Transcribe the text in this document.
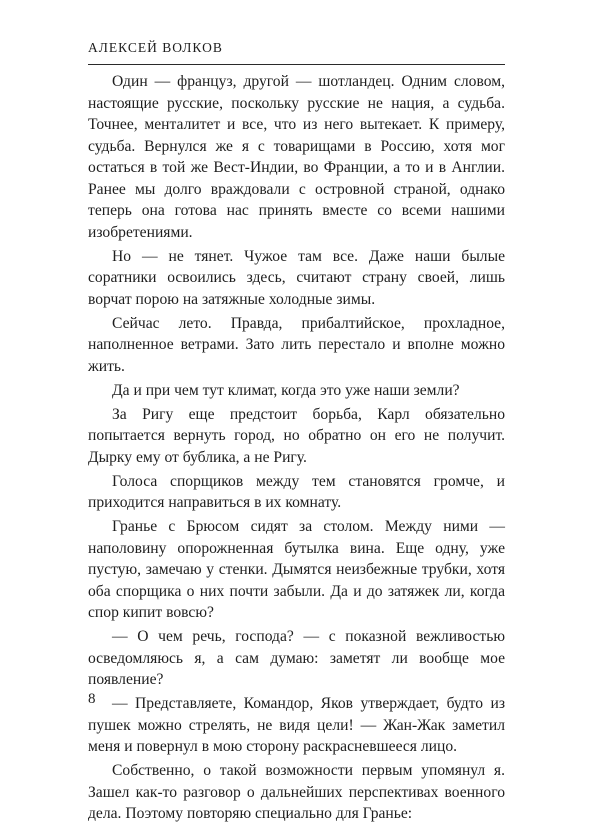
АЛЕКСЕЙ ВОЛКОВ

Один — француз, другой — шотландец. Одним словом, настоящие русские, поскольку русские не нация, а судьба. Точнее, менталитет и все, что из него вытекает. К примеру, судьба. Вернулся же я с товарищами в Россию, хотя мог остаться в той же Вест-Индии, во Франции, а то и в Англии. Ранее мы долго враждовали с островной страной, однако теперь она готова нас принять вместе со всеми нашими изобретениями.

Но — не тянет. Чужое там все. Даже наши былые соратники освоились здесь, считают страну своей, лишь ворчат порою на затяжные холодные зимы.

Сейчас лето. Правда, прибалтийское, прохладное, наполненное ветрами. Зато лить перестало и вполне можно жить.

Да и при чем тут климат, когда это уже наши земли?

За Ригу еще предстоит борьба, Карл обязательно попытается вернуть город, но обратно он его не получит. Дырку ему от бублика, а не Ригу.

Голоса спорщиков между тем становятся громче, и приходится направиться в их комнату.

Гранье с Брюсом сидят за столом. Между ними — наполовину опорожненная бутылка вина. Еще одну, уже пустую, замечаю у стенки. Дымятся неизбежные трубки, хотя оба спорщика о них почти забыли. Да и до затяжек ли, когда спор кипит вовсю?

— О чем речь, господа? — с показной вежливостью осведомляюсь я, а сам думаю: заметят ли вообще мое появление?

— Представляете, Командор, Яков утверждает, будто из пушек можно стрелять, не видя цели! — Жан-Жак заметил меня и повернул в мою сторону раскрасневшееся лицо.

Собственно, о такой возможности первым упомянул я. Зашел как-то разговор о дальнейших перспективах военного дела. Поэтому повторяю специально для Гранье:

8
